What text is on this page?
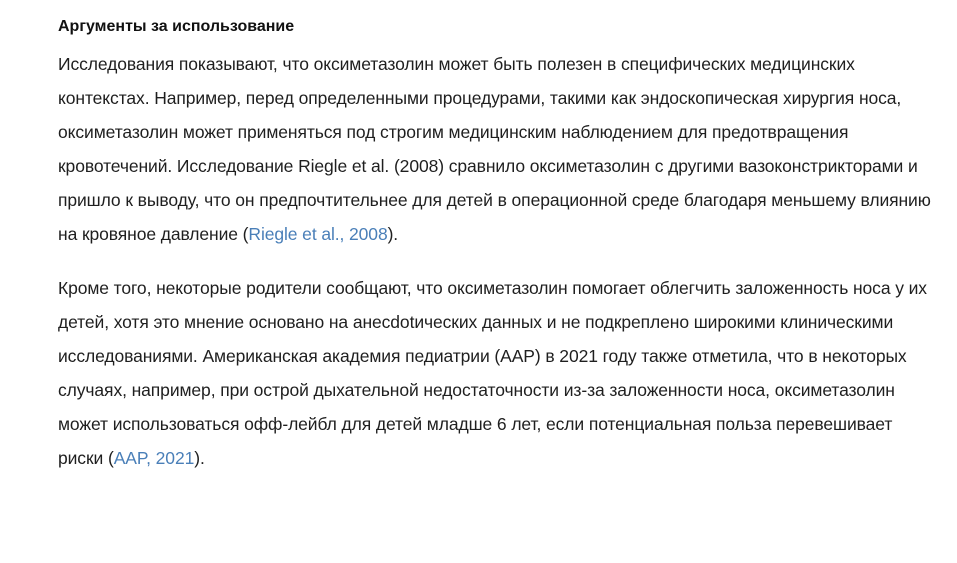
Аргументы за использование

Исследования показывают, что оксиметазолин может быть полезен в специфических медицинских контекстах. Например, перед определенными процедурами, такими как эндоскопическая хирургия носа, оксиметазолин может применяться под строгим медицинским наблюдением для предотвращения кровотечений. Исследование Riegle et al. (2008) сравнило оксиметазолин с другими вазоконстрикторами и пришло к выводу, что он предпочтительнее для детей в операционной среде благодаря меньшему влиянию на кровяное давление (Riegle et al., 2008).

Кроме того, некоторые родители сообщают, что оксиметазолин помогает облегчить заложенность носа у их детей, хотя это мнение основано на анесdotических данных и не подкреплено широкими клиническими исследованиями. Американская академия педиатрии (AAP) в 2021 году также отметила, что в некоторых случаях, например, при острой дыхательной недостаточности из-за заложенности носа, оксиметазолин может использоваться офф-лейбл для детей младше 6 лет, если потенциальная польза перевешивает риски (AAP, 2021).
